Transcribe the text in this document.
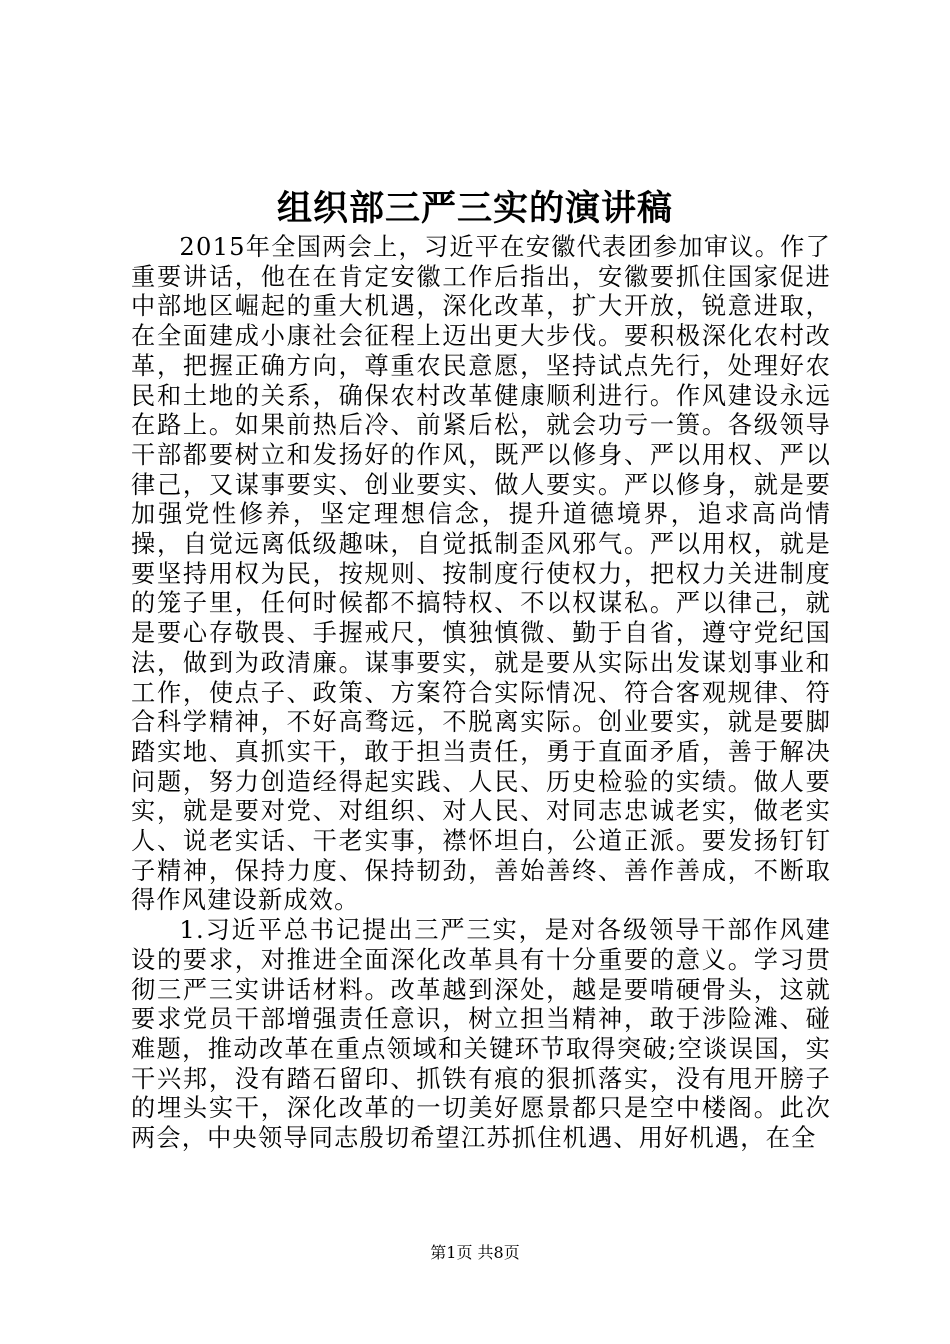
组织部三严三实的演讲稿

2015年全国两会上，习近平在安徽代表团参加审议。作了重要讲话，他在在肯定安徽工作后指出，安徽要抓住国家促进中部地区崛起的重大机遇，深化改革，扩大开放，锐意进取，在全面建成小康社会征程上迈出更大步伐。要积极深化农村改革，把握正确方向，尊重农民意愿，坚持试点先行，处理好农民和土地的关系，确保农村改革健康顺利进行。作风建设永远在路上。如果前热后冷、前紧后松，就会功亏一篑。各级领导干部都要树立和发扬好的作风，既严以修身、严以用权、严以律己，又谋事要实、创业要实、做人要实。严以修身，就是要加强党性修养，坚定理想信念，提升道德境界，追求高尚情操，自觉远离低级趣味，自觉抵制歪风邪气。严以用权，就是要坚持用权为民，按规则、按制度行使权力，把权力关进制度的笼子里，任何时候都不搞特权、不以权谋私。严以律己，就是要心存敬畏、手握戒尺，慎独慎微、勤于自省，遵守党纪国法，做到为政清廉。谋事要实，就是要从实际出发谋划事业和工作，使点子、政策、方案符合实际情况、符合客观规律、符合科学精神，不好高骛远，不脱离实际。创业要实，就是要脚踏实地、真抓实干，敢于担当责任，勇于直面矛盾，善于解决问题，努力创造经得起实践、人民、历史检验的实绩。做人要实，就是要对党、对组织、对人民、对同志忠诚老实，做老实人、说老实话、干老实事，襟怀坦白，公道正派。要发扬钉钉子精神，保持力度、保持韧劲，善始善终、善作善成，不断取得作风建设新成效。

1.习近平总书记提出三严三实，是对各级领导干部作风建设的要求，对推进全面深化改革具有十分重要的意义。学习贯彻三严三实讲话材料。改革越到深处，越是要啃硬骨头，这就要求党员干部增强责任意识，树立担当精神，敢于涉险滩、碰难题，推动改革在重点领域和关键环节取得突破;空谈误国，实干兴邦，没有踏石留印、抓铁有痕的狠抓落实，没有甩开膀子的埋头实干，深化改革的一切美好愿景都只是空中楼阁。此次两会，中央领导同志殷切希望江苏抓住机遇、用好机遇，在全

第1页 共8页
